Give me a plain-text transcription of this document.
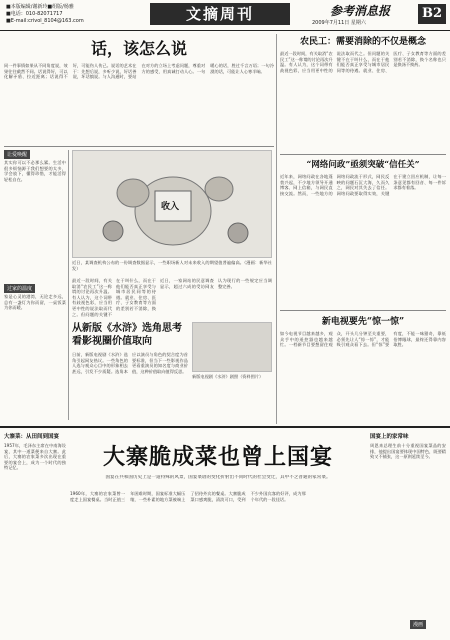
■本版编辑/谢新玲■组版/杨雅
■电话：010-82071717
■E-mail:crivol_8104@163.com	文摘周刊	参考消息报
2009年7月11日 星期六
B2
话，该怎么说
同一件事情如果从不同角度说，效果往往截然不同。话说得好，可以化解矛盾、拉近距离；话说得不好，可能伤人伤己。说话的艺术在于：先想后说，多听少说，好话善说，坏话慎说。与人沟通时，要站在对方的立场上考虑问题，尊重对方的感受，用真诚打动人心。一句暖心的话，胜过千言万语；一句冷漠的话，可能让人心寒半晌。
让爱唤醒
其实你可以不必那么累。生活中很多烦恼源于我们想要的太多，学会放下，懂得珍惜，才能活得轻松自在。
过家的温度
家是心灵的港湾，无论走多远，总有一盏灯为你而留，一桌饭菜为你而暖。
收入
近日，某调查机构公布的一份调查数据显示，一些职场新人对未来收入的期望值普遍偏高。（漫画：新华社发）
近日，一家网站的民意调查显示，超过六成的受访网友认为现行的一些规定应当调整完善。
最近一段时间，有关取消“农民工”这一称谓的讨论再次升温。有人认为，这个词带有歧视色彩，应当用更中性的说法取而代之。但问题的关键不在于叫什么，而在于他们能否真正享受与城市居民同等的待遇。就业、住房、医疗、子女教育等方面的差别若不消除，换
从新版《水浒》选角思考看影视圈价值取向
新版电视剧《水浒》剧照（资料图片）
日前，新版电视剧《水浒》选角引起网友热议。一些角色的人选与观众心目中的形象相去甚远，引发不少质疑。选角本应以演员与角色的契合度为首要标准，但当下一些影视作品更看重演员的知名度与商业价值，这种价值取向值得反思。
农民工：需要消除的不仅是概念
最近一段时间，有关取消“农民工”这一称谓的讨论再次升温。有人认为，这个词带有歧视色彩，应当用更中性的说法取而代之。但问题的关键不在于叫什么，而在于他们能否真正享受与城市居民同等的待遇。就业、住房、医疗、子女教育等方面的差别若不消除，换个名称也只是换汤不换药。
“网络问政”亟须突破“信任关”
近年来，网络问政在各地蓬勃兴起，不少地方领导开通博客、网上信箱，与网民直接交流。然而，一些地方的网络问政流于形式，网民反映的问题石沉大海，久而久之，网民对其失去了信任。网络问政要取得实效，关键在于建立回应机制，让每一条意见都有回音、每一件诉求都有着落。
新电视要先“惊一惊”
如今电视节目越来越多，观众手中的遥控器也越来越忙。一档新节目要想留住观众，开头几分钟至关重要，必须先让人“惊一惊”，才能吸引观众看下去。但“惊”要有度，不能一味猎奇，靠低俗博眼球，最终还得靠内容取胜。
大寨菜：从田间到国宴
1957年，毛泽东主席在中南海设宴，其中一道菜便来自大寨。此后，大寨的农家菜多次出现在重要的宴会上，成为一个时代的独特记忆。	大寨脆成菜也曾上国宴
国宴在共和国历史上是一道特殊的风景，国宴菜谱的变化折射出不同时代的社会变迁，其中不乏普通的家常菜。
1960年，大寨的农家菜曾一度走上国宴餐桌。当时正值三年困难时期，国宴标准大幅压缩，一些朴素的地方菜被端上了招待外宾的餐桌。大寨脆成菜口感爽脆，清淡可口，受到不少外国宾客的好评，成为那个年代的一段佳话。
国宴上的家常味
周恩来总理生前十分重视国宴菜品的安排，他提出国宴要体现中国特色，既要精致又不铺张，这一原则延续至今。
漫画
